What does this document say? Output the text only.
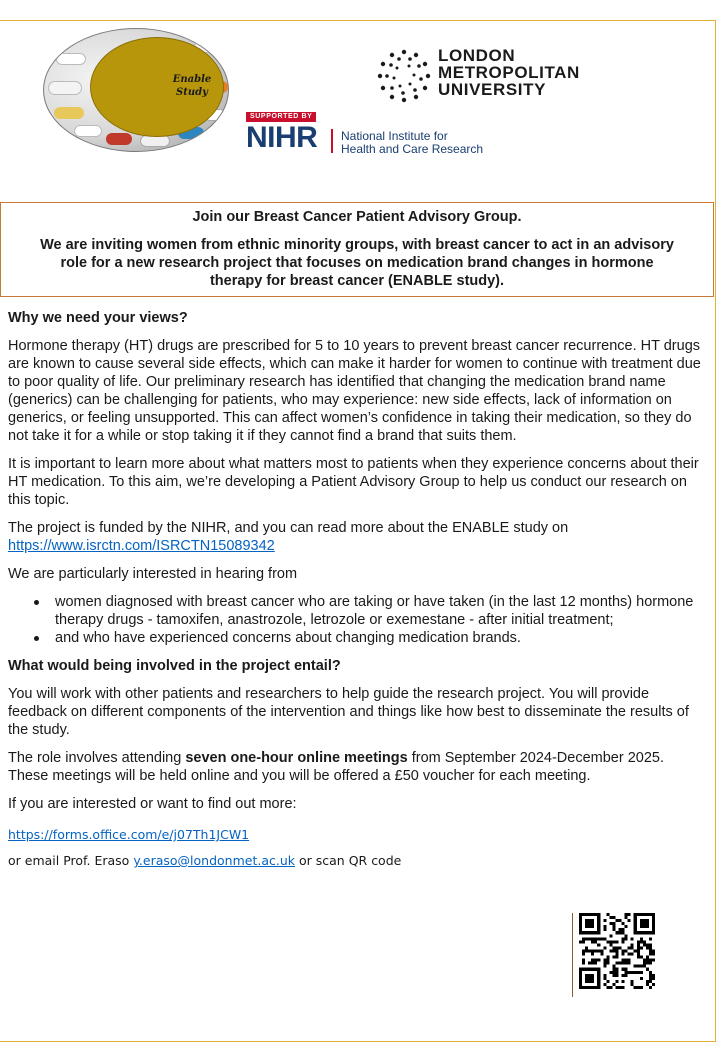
Enable
Study
LONDON
METROPOLITAN
UNIVERSITY
SUPPORTED BY
NIHR National Institute for
Health and Care Research
Join our Breast Cancer Patient Advisory Group.
We are inviting women from ethnic minority groups, with breast cancer to act in an advisory role for a new research project that focuses on medication brand changes in hormone therapy for breast cancer (ENABLE study).

Why we need your views?

Hormone therapy (HT) drugs are prescribed for 5 to 10 years to prevent breast cancer recurrence. HT drugs are known to cause several side effects, which can make it harder for women to continue with treatment due to poor quality of life. Our preliminary research has identified that changing the medication brand name (generics) can be challenging for patients, who may experience: new side effects, lack of information on generics, or feeling unsupported. This can affect women’s confidence in taking their medication, so they do not take it for a while or stop taking it if they cannot find a brand that suits them.

It is important to learn more about what matters most to patients when they experience concerns about their HT medication. To this aim, we’re developing a Patient Advisory Group to help us conduct our research on this topic.

The project is funded by the NIHR, and you can read more about the ENABLE study on
https://www.isrctn.com/ISRCTN15089342

We are particularly interested in hearing from

women diagnosed with breast cancer who are taking or have taken (in the last 12 months) hormone therapy drugs - tamoxifen, anastrozole, letrozole or exemestane - after initial treatment;
and who have experienced concerns about changing medication brands.

What would being involved in the project entail?

You will work with other patients and researchers to help guide the research project. You will provide feedback on different components of the intervention and things like how best to disseminate the results of the study.

The role involves attending seven one-hour online meetings from September 2024-December 2025. These meetings will be held online and you will be offered a £50 voucher for each meeting.

If you are interested or want to find out more:

https://forms.office.com/e/j07Th1JCW1

or email Prof. Eraso y.eraso@londonmet.ac.uk or scan QR code
